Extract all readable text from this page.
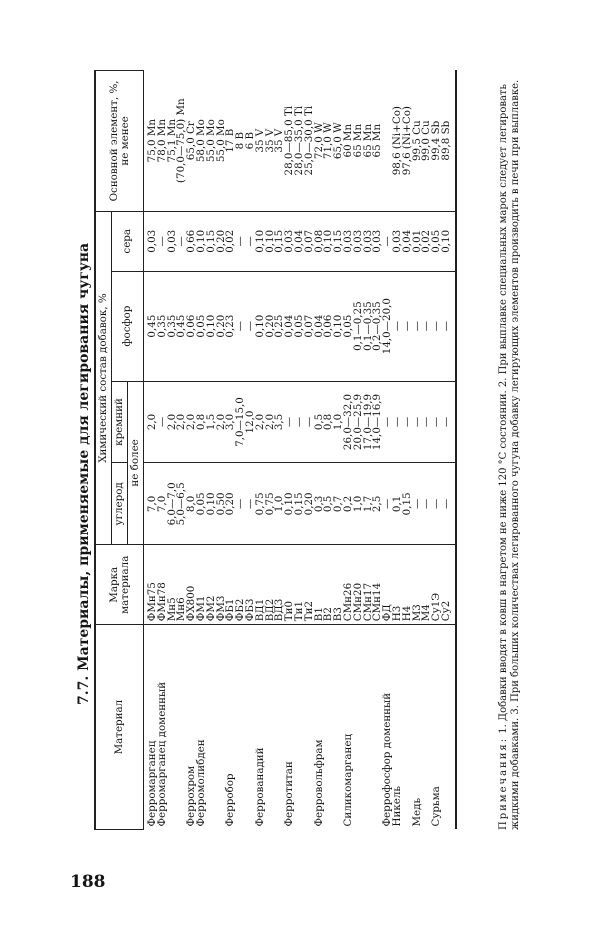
188
7.7. Материалы, применяемые для легирования чугуна
Материал	Марка материала	Химический состав добавок, %				Основной элемент, %, не менее
		углерод	кремний	фосфор	сера	
		не более				
Ферромарганец	ФМн75	7,0	2,0	0,45	0,03	75,0 Mn
Ферромарганец доменный	ФМн78	7,0	—	0,35	—	78,0 Mn
	Мн5	6,0—7,0	2,0	0,35	0,03	75,1 Mn
	Мн6	5,0—6,5	2,0	0,45	—	(70,0—75,0) Mn
Феррохром	ФХ800	8,0	2,0	0,06	0,66	65,0 Cr
Ферромолибден	ФМ1	0,05	0,8	0,05	0,10	58,0 Mo
	ФМ2	0,10	1,5	0,10	0,15	55,0 Mo
	ФМ3	0,50	2,0	0,20	0,20	55,0 Mo
Ферробор	ФБ1	0,20	3,0	0,23	0,02	17 B
	ФБ2	—	7,0—15,0	—	—	8 B
	ФБ3	—	12,0	—	—	6 B
Феррованадий	ВД1	0,75	2,0	0,10	0,10	35 V
	ВД2	0,75	2,0	0,20	0,10	35 V
	ВД3	1,0	3,5	0,25	0,15	35 V
Ферротитан	Ти0	0,10	—	0,04	0,03	28,0—85,0 Ti
	Ти1	0,15	—	0,05	0,04	28,0—35,0 Ti
	Ти2	0,20	—	0,07	0,07	25,0—30,0 Ti
Ферровольфрам	В1	0,3	0,5	0,04	0,08	72,0 W
	В2	0,5	0,8	0,06	0,10	71,0 W
	В3	0,7	1,0	0,10	0,15	65,0 W
Силикомарганец	СМн26	0,2	26,0—32,0	0,05	0,03	60 Mn
	СМн20	1,0	20,0—25,9	0,1—0,25	0,03	65 Mn
	СМн17	1,7	17,0—19,9	0,1—0,35	0,03	65 Mn
	СМн14	2,5	14,0—16,9	0,2—0,35	0,03	65 Mn
Феррофосфор доменный	ФД	—	—	14,0—20,0	—	
Никель	Н3	0,1	—	—	0,03	98,6 (Ni+Co)
	Н4	0,15	—	—	0,04	97,6 (Ni+Co)
Медь	М3	—	—	—	0,01	99,5 Cu
	М4	—	—	—	0,02	99,0 Cu
Сурьма	Су1Э	—	—	—	0,05	99,4 Sb
	Су2	—	—	—	0,10	89,8 Sb
Примечания: 1. Добавки вводят в ковш в нагретом не ниже 120 °С состоянии. 2. При выплавке специальных марок следует легировать жидкими добавками. 3. При больших количествах легированного чугуна добавку легирующих элементов производить в печи при выплавке.
